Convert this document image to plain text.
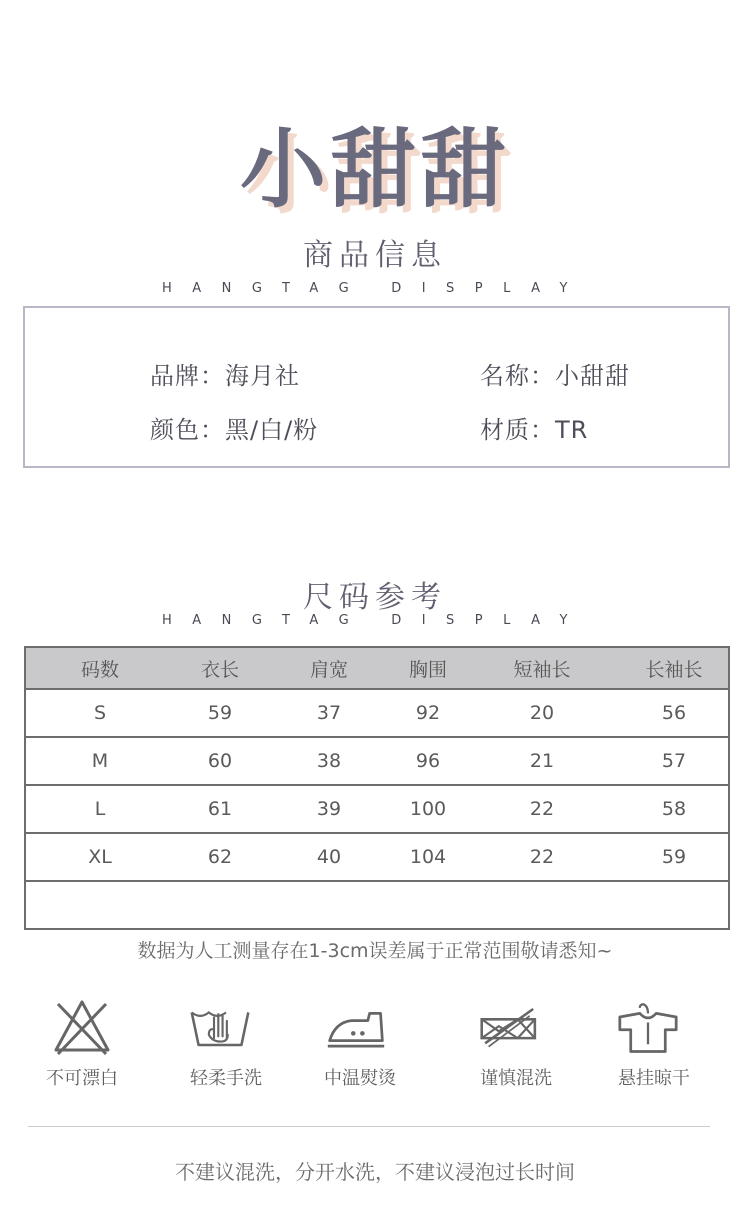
小甜甜
商品信息
HANGTAG DISPLAY
品牌：海月社	名称：小甜甜
颜色：黑/白/粉	材质：TR
尺码参考
HANGTAG DISPLAY
码数	衣长	肩宽	胸围	短袖长	长袖长
S	59	37	92	20	56
M	60	38	96	21	57
L	61	39	100	22	58
XL	62	40	104	22	59

数据为人工测量存在1-3cm误差属于正常范围敬请悉知~
不可漂白	轻柔手洗	中温熨烫	谨慎混洗	悬挂晾干
不建议混洗，分开水洗，不建议浸泡过长时间
